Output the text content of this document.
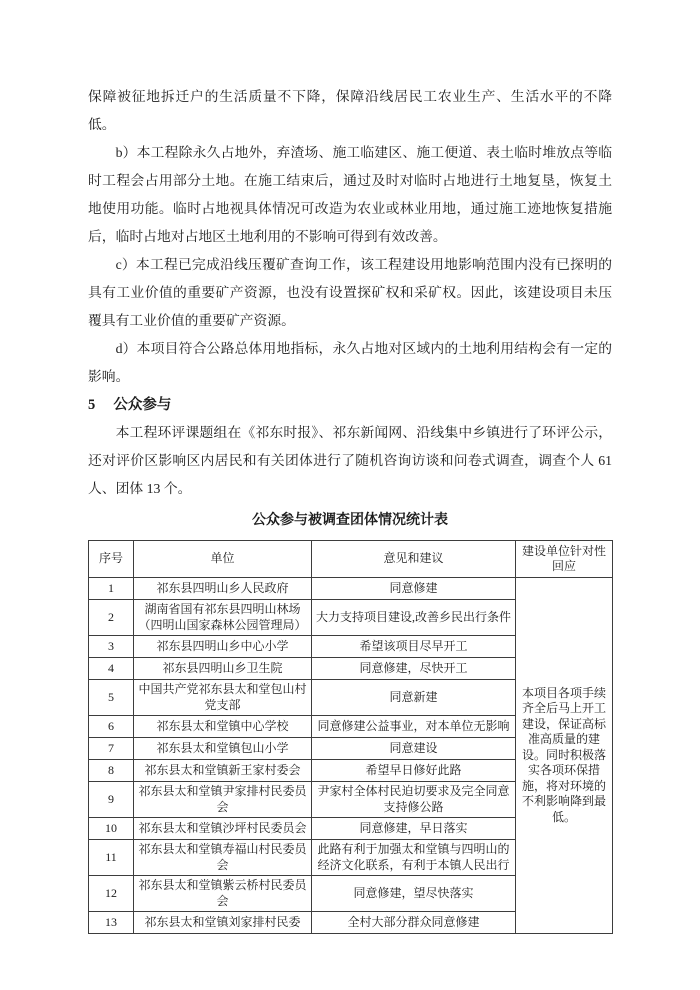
保障被征地拆迁户的生活质量不下降，保障沿线居民工农业生产、生活水平的不降低。

b）本工程除永久占地外，弃渣场、施工临建区、施工便道、表土临时堆放点等临时工程会占用部分土地。在施工结束后，通过及时对临时占地进行土地复垦，恢复土地使用功能。临时占地视具体情况可改造为农业或林业用地，通过施工迹地恢复措施后，临时占地对占地区土地利用的不影响可得到有效改善。

c）本工程已完成沿线压覆矿查询工作，该工程建设用地影响范围内没有已探明的具有工业价值的重要矿产资源，也没有设置探矿权和采矿权。因此，该建设项目未压覆具有工业价值的重要矿产资源。

d）本项目符合公路总体用地指标，永久占地对区域内的土地利用结构会有一定的影响。

5 公众参与

本工程环评课题组在《祁东时报》、祁东新闻网、沿线集中乡镇进行了环评公示，还对评价区影响区内居民和有关团体进行了随机咨询访谈和问卷式调查，调查个人 61 人、团体 13 个。

公众参与被调查团体情况统计表
序号	单位	意见和建议	建设单位针对性回应
1	祁东县四明山乡人民政府	同意修建	本项目各项手续齐全后马上开工建设，保证高标准高质量的建设。同时积极落实各项环保措施，将对环境的不利影响降到最低。
2	湖南省国有祁东县四明山林场（四明山国家森林公园管理局）	大力支持项目建设,改善乡民出行条件	
3	祁东县四明山乡中心小学	希望该项目尽早开工	
4	祁东县四明山乡卫生院	同意修建，尽快开工	
5	中国共产党祁东县太和堂包山村党支部	同意新建	
6	祁东县太和堂镇中心学校	同意修建公益事业，对本单位无影响	
7	祁东县太和堂镇包山小学	同意建设	
8	祁东县太和堂镇新王家村委会	希望早日修好此路	
9	祁东县太和堂镇尹家排村民委员会	尹家村全体村民迫切要求及完全同意支持修公路	
10	祁东县太和堂镇沙坪村民委员会	同意修建，早日落实	
11	祁东县太和堂镇寿福山村民委员会	此路有利于加强太和堂镇与四明山的经济文化联系，有利于本镇人民出行	
12	祁东县太和堂镇紫云桥村民委员会	同意修建，望尽快落实	
13	祁东县太和堂镇刘家排村民委	全村大部分群众同意修建	
